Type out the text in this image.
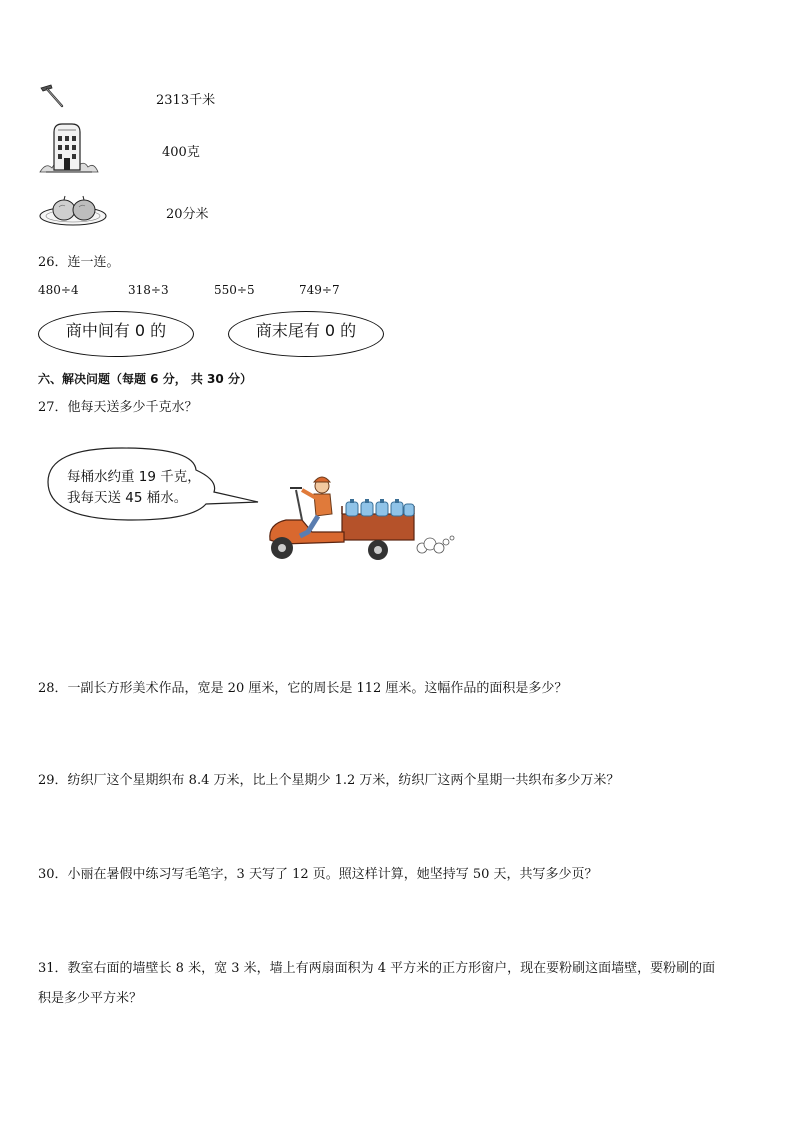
2313千米
400克
20分米
26．连一连。
480÷4	318÷3	550÷5	749÷7
商中间有 0 的	商末尾有 0 的
六、解决问题（每题 6 分， 共 30 分）
27．他每天送多少千克水？
每桶水约重 19 千克，
我每天送 45 桶水。
28．一副长方形美术作品，宽是 20 厘米，它的周长是 112 厘米。这幅作品的面积是多少？
29．纺织厂这个星期织布 8.4 万米，比上个星期少 1.2 万米，纺织厂这两个星期一共织布多少万米？
30．小丽在暑假中练习写毛笔字，3 天写了 12 页。照这样计算，她坚持写 50 天，共写多少页？
31．教室右面的墙壁长 8 米，宽 3 米，墙上有两扇面积为 4 平方米的正方形窗户，现在要粉刷这面墙壁，要粉刷的面
积是多少平方米？
